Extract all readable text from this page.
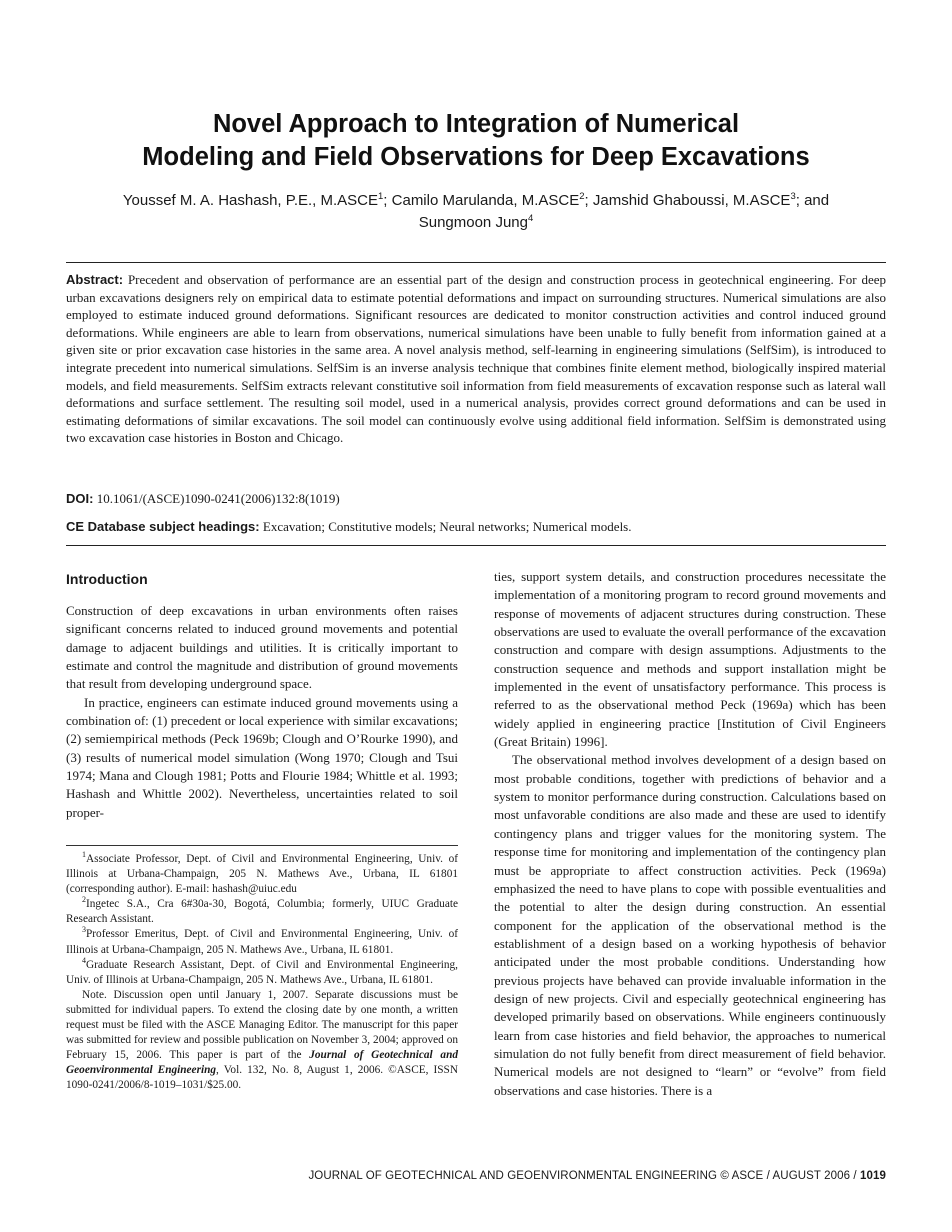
Novel Approach to Integration of Numerical
Modeling and Field Observations for Deep Excavations

Youssef M. A. Hashash, P.E., M.ASCE$^1$; Camilo Marulanda, M.ASCE$^2$; Jamshid Ghaboussi, M.ASCE$^3$; and
Sungmoon Jung$^4$

Abstract: Precedent and observation of performance are an essential part of the design and construction process in geotechnical engineering. For deep urban excavations designers rely on empirical data to estimate potential deformations and impact on surrounding structures. Numerical simulations are also employed to estimate induced ground deformations. Significant resources are dedicated to monitor construction activities and control induced ground deformations. While engineers are able to learn from observations, numerical simulations have been unable to fully benefit from information gained at a given site or prior excavation case histories in the same area. A novel analysis method, self-learning in engineering simulations (SelfSim), is introduced to integrate precedent into numerical simulations. SelfSim is an inverse analysis technique that combines finite element method, biologically inspired material models, and field measurements. SelfSim extracts relevant constitutive soil information from field measurements of excavation response such as lateral wall deformations and surface settlement. The resulting soil model, used in a numerical analysis, provides correct ground deformations and can be used in estimating deformations of similar excavations. The soil model can continuously evolve using additional field information. SelfSim is demonstrated using two excavation case histories in Boston and Chicago.

DOI: 10.1061/(ASCE)1090-0241(2006)132:8(1019)

CE Database subject headings: Excavation; Constitutive models; Neural networks; Numerical models.

Introduction

Construction of deep excavations in urban environments often raises significant concerns related to induced ground movements and potential damage to adjacent buildings and utilities. It is critically important to estimate and control the magnitude and distribution of ground movements that result from developing underground space.

In practice, engineers can estimate induced ground movements using a combination of: (1) precedent or local experience with similar excavations; (2) semiempirical methods (Peck 1969b; Clough and O’Rourke 1990), and (3) results of numerical model simulation (Wong 1970; Clough and Tsui 1974; Mana and Clough 1981; Potts and Flourie 1984; Whittle et al. 1993; Hashash and Whittle 2002). Nevertheless, uncertainties related to soil proper-

$^1$Associate Professor, Dept. of Civil and Environmental Engineering, Univ. of Illinois at Urbana-Champaign, 205 N. Mathews Ave., Urbana, IL 61801 (corresponding author). E-mail: hashash@uiuc.edu

$^2$Ingetec S.A., Cra 6#30a-30, Bogotá, Columbia; formerly, UIUC Graduate Research Assistant.

$^3$Professor Emeritus, Dept. of Civil and Environmental Engineering, Univ. of Illinois at Urbana-Champaign, 205 N. Mathews Ave., Urbana, IL 61801.

$^4$Graduate Research Assistant, Dept. of Civil and Environmental Engineering, Univ. of Illinois at Urbana-Champaign, 205 N. Mathews Ave., Urbana, IL 61801.

Note. Discussion open until January 1, 2007. Separate discussions must be submitted for individual papers. To extend the closing date by one month, a written request must be filed with the ASCE Managing Editor. The manuscript for this paper was submitted for review and possible publication on November 3, 2004; approved on February 15, 2006. This paper is part of the Journal of Geotechnical and Geoenvironmental Engineering, Vol. 132, No. 8, August 1, 2006. ©ASCE, ISSN 1090-0241/2006/8-1019–1031/$25.00.

ties, support system details, and construction procedures necessitate the implementation of a monitoring program to record ground movements and response of movements of adjacent structures during construction. These observations are used to evaluate the overall performance of the excavation construction and compare with design assumptions. Adjustments to the construction sequence and methods and support installation might be implemented in the event of unsatisfactory performance. This process is referred to as the observational method Peck (1969a) which has been widely applied in engineering practice [Institution of Civil Engineers (Great Britain) 1996].

The observational method involves development of a design based on most probable conditions, together with predictions of behavior and a system to monitor performance during construction. Calculations based on most unfavorable conditions are also made and these are used to identify contingency plans and trigger values for the monitoring system. The response time for monitoring and implementation of the contingency plan must be appropriate to affect construction activities. Peck (1969a) emphasized the need to have plans to cope with possible eventualities and the potential to alter the design during construction. An essential component for the application of the observational method is the establishment of a design based on a working hypothesis of behavior anticipated under the most probable conditions. Understanding how previous projects have behaved can provide invaluable information in the design of new projects. Civil and especially geotechnical engineering has developed primarily based on observations. While engineers continuously learn from case histories and field behavior, the approaches to numerical simulation do not fully benefit from direct measurement of field behavior. Numerical models are not designed to “learn” or “evolve” from field observations and case histories. There is a

JOURNAL OF GEOTECHNICAL AND GEOENVIRONMENTAL ENGINEERING © ASCE / AUGUST 2006 / 1019
